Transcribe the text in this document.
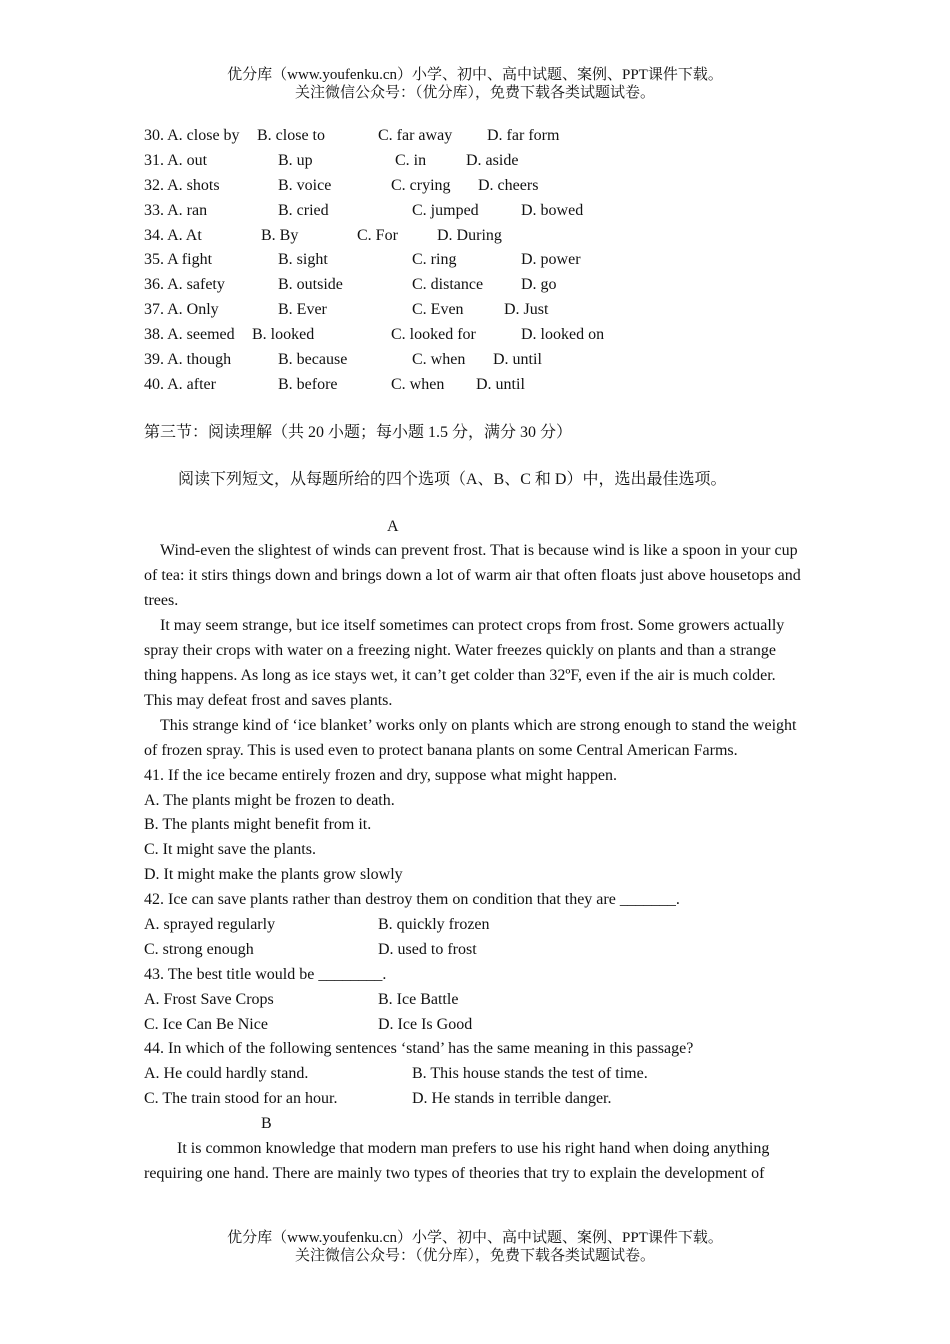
优分库（www.youfenku.cn）小学、初中、高中试题、案例、PPT课件下载。
关注微信公众号：（优分库），免费下载各类试题试卷。
30. A. close by B. close to	C. far away D. far form
31. A. out	B. up	C. in D. aside
32. A. shots	B. voice	C. crying D. cheers
33. A. ran	B. cried	C. jumped	D. bowed
34. A. At	B. By	C. For D. During
35. A fight	B. sight	C. ring	D. power
36. A. safety	B. outside	C. distance D. go
37. A. Only	B. Ever	C. Even	D. Just
38. A. seemed B. looked	C. looked for	D. looked on
39. A. though	B. because	C. when D. until
40. A. after	B. before	C. when D. until
第三节：阅读理解（共 20 小题；每小题 1.5 分，满分 30 分）
阅读下列短文，从每题所给的四个选项（A、B、C 和 D）中，选出最佳选项。
A

Wind-even the slightest of winds can prevent frost. That is because wind is like a spoon in your cup of tea: it stirs things down and brings down a lot of warm air that often floats just above housetops and trees.

It may seem strange, but ice itself sometimes can protect crops from frost. Some growers actually spray their crops with water on a freezing night. Water freezes quickly on plants and than a strange thing happens. As long as ice stays wet, it can’t get colder than 32ºF, even if the air is much colder. This may defeat frost and saves plants.

This strange kind of ‘ice blanket’ works only on plants which are strong enough to stand the weight of frozen spray. This is used even to protect banana plants on some Central American Farms.

41. If the ice became entirely frozen and dry, suppose what might happen.
A. The plants might be frozen to death.
B. The plants might benefit from it.
C. It might save the plants.
D. It might make the plants grow slowly
42. Ice can save plants rather than destroy them on condition that they are _______.
A. sprayed regularly	B. quickly frozen
C. strong enough	D. used to frost
43. The best title would be ________.
A. Frost Save Crops	B. Ice Battle
C. Ice Can Be Nice	D. Ice Is Good
44. In which of the following sentences ‘stand’ has the same meaning in this passage?
A. He could hardly stand.	B. This house stands the test of time.
C. The train stood for an hour.	D. He stands in terrible danger.
B

It is common knowledge that modern man prefers to use his right hand when doing anything requiring one hand. There are mainly two types of theories that try to explain the development of

优分库（www.youfenku.cn）小学、初中、高中试题、案例、PPT课件下载。
关注微信公众号：（优分库），免费下载各类试题试卷。
